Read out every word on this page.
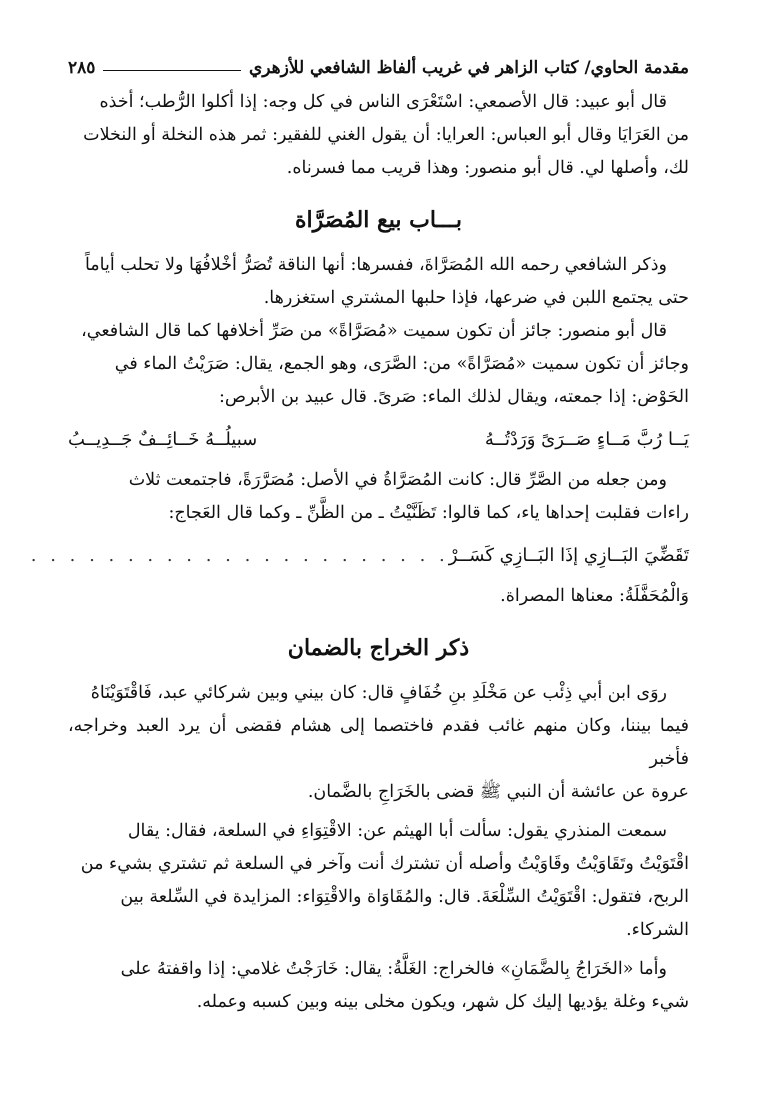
مقدمة الحاوي/ كتاب الزاهر في غريب ألفاظ الشافعي للأزهري
٢٨٥

قال أبو عبيد: قال الأصمعي: اسْتَعْرَى الناس في كل وجه: إذا أكلوا الرُّطب؛ أخذه

من العَرَايَا وقال أبو العباس: العرايا: أن يقول الغني للفقير: ثمر هذه النخلة أو النخلات

لك، وأصلها لي. قال أبو منصور: وهذا قريب مما فسرناه.

بـــاب بيع المُصَرَّاة

وذكر الشافعي رحمه الله المُصَرَّاةَ، ففسرها: أنها الناقة تُصَرُّ أخْلافُهَا ولا تحلب أياماً

حتى يجتمع اللبن في ضرعها، فإذا حلبها المشتري استغزرها.

قال أبو منصور: جائز أن تكون سميت «مُصَرَّاةً» من صَرِّ أخلافها كما قال الشافعي،

وجائز أن تكون سميت «مُصَرَّاةً» من: الصَّرَى، وهو الجمع، يقال: صَرَيْتُ الماء في

الحَوْض: إذا جمعته، ويقال لذلك الماء: صَرىً. قال عبيد بن الأبرص:

يَــا رُبَّ مَــاءٍ صَــرَىً وَرَدْتُــهُ
سبيلُــهُ خَــائِــفٌ جَــدِيــبُ

ومن جعله من الصَّرِّ قال: كانت المُصَرَّاةُ في الأصل: مُصَرَّرَةً، فاجتمعت ثلاث

راءات فقلبت إحداها ياء، كما قالوا: تَظَنَّيْتُ ـ من الظَّنِّ ـ وكما قال العَجاج:

تَقَضِّيَ البَــازِي إذَا البَــازِي كَسَــرْ
. . . . . . . . . . . . . . . . . . . . . .

وَالْمُحَفَّلَةُ: معناها المصراة.

ذكر الخراج بالضمان

روَى ابن أبي ذِئْب عن مَخْلَدِ بنِ خُفَافٍ قال: كان بيني وبين شركائي عبد، فَاقْتَوَيْنَاهُ

فيما بيننا، وكان منهم غائب فقدم فاختصما إلى هشام فقضى أن يرد العبد وخراجه، فأخبر

عروة عن عائشة أن النبي ﷺ قضى بالخَرَاجِ بالضَّمان.

سمعت المنذري يقول: سألت أبا الهيثم عن: الاقْتِوَاءِ في السلعة، فقال: يقال

اقْتَوَيْتُ وتَقَاوَيْتُ وقَاوَيْتُ وأصله أن تشترك أنت وآخر في السلعة ثم تشتري بشيء من

الربح، فتقول: اقْتَوَيْتُ السِّلْعَةَ. قال: والمُقَاوَاة والاقْتِوَاء: المزايدة في السِّلعة بين

الشركاء.

وأما «الخَرَاجُ بِالضَّمَانِ» فالخراج: الغَلَّةُ: يقال: خَارَجْتُ غلامي: إذا واقفتهُ على

شيء وغلة يؤديها إليك كل شهر، ويكون مخلى بينه وبين كسبه وعمله.
